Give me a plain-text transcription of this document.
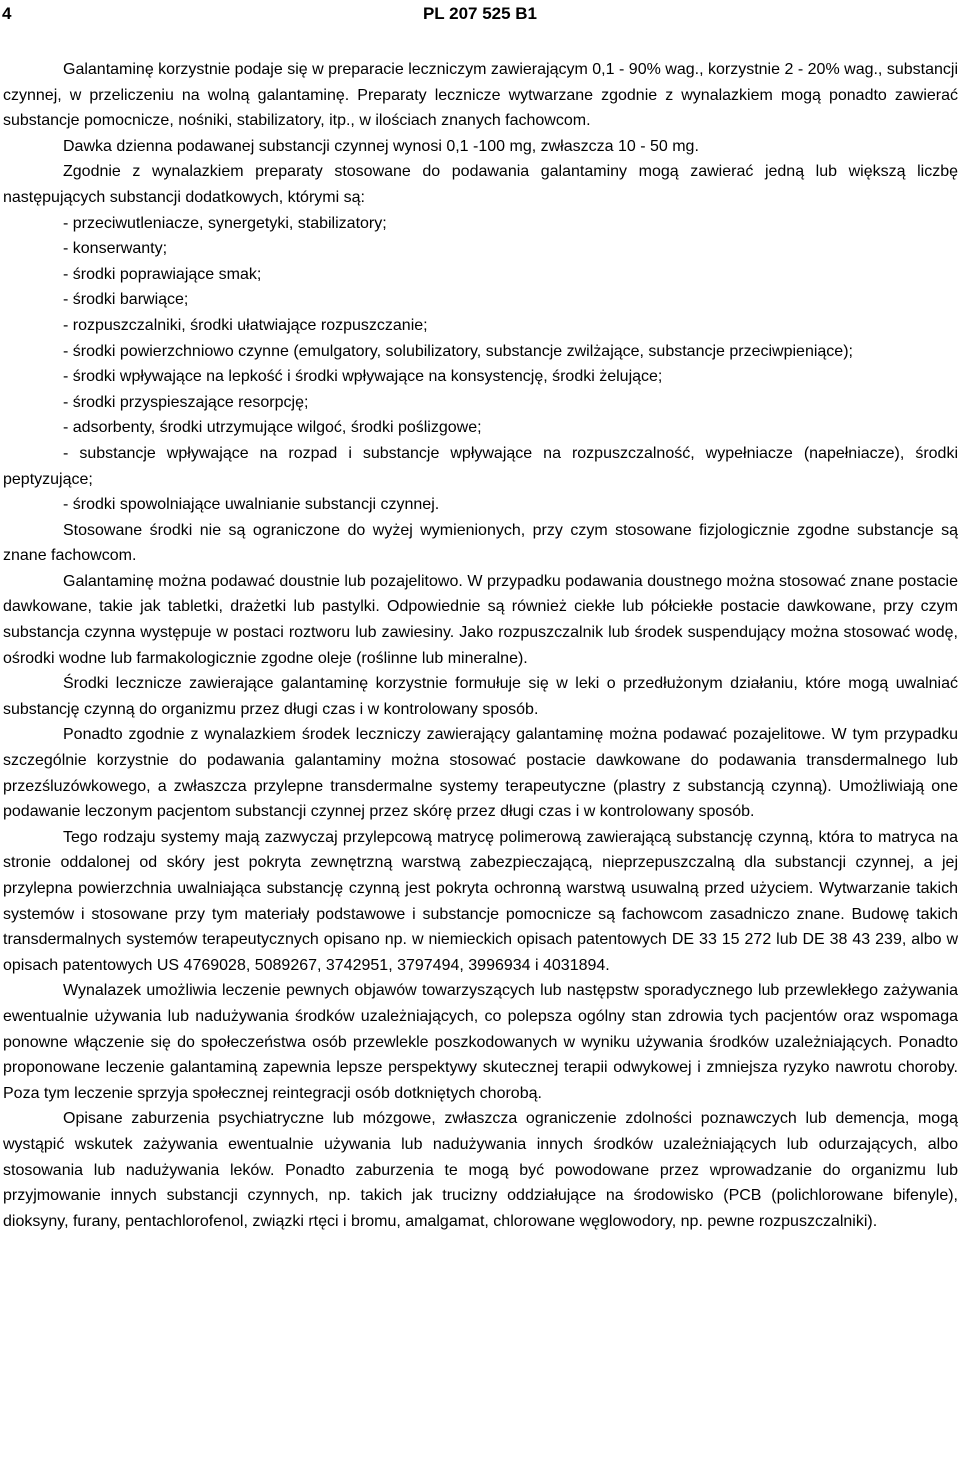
4	PL 207 525 B1

Galantaminę korzystnie podaje się w preparacie leczniczym zawierającym 0,1 - 90% wag., korzystnie 2 - 20% wag., substancji czynnej, w przeliczeniu na wolną galantaminę. Preparaty lecznicze wytwarzane zgodnie z wynalazkiem mogą ponadto zawierać substancje pomocnicze, nośniki, stabilizatory, itp., w ilościach znanych fachowcom.

Dawka dzienna podawanej substancji czynnej wynosi 0,1 -100 mg, zwłaszcza 10 - 50 mg.

Zgodnie z wynalazkiem preparaty stosowane do podawania galantaminy mogą zawierać jedną lub większą liczbę następujących substancji dodatkowych, którymi są:

- przeciwutleniacze, synergetyki, stabilizatory;

- konserwanty;

- środki poprawiające smak;

- środki barwiące;

- rozpuszczalniki, środki ułatwiające rozpuszczanie;

- środki powierzchniowo czynne (emulgatory, solubilizatory, substancje zwilżające, substancje przeciwpieniące);

- środki wpływające na lepkość i środki wpływające na konsystencję, środki żelujące;

- środki przyspieszające resorpcję;

- adsorbenty, środki utrzymujące wilgoć, środki poślizgowe;

- substancje wpływające na rozpad i substancje wpływające na rozpuszczalność, wypełniacze (napełniacze), środki peptyzujące;

- środki spowolniające uwalnianie substancji czynnej.

Stosowane środki nie są ograniczone do wyżej wymienionych, przy czym stosowane fizjologicznie zgodne substancje są znane fachowcom.

Galantaminę można podawać doustnie lub pozajelitowo. W przypadku podawania doustnego można stosować znane postacie dawkowane, takie jak tabletki, drażetki lub pastylki. Odpowiednie są również ciekłe lub półciekłe postacie dawkowane, przy czym substancja czynna występuje w postaci roztworu lub zawiesiny. Jako rozpuszczalnik lub środek suspendujący można stosować wodę, ośrodki wodne lub farmakologicznie zgodne oleje (roślinne lub mineralne).

Środki lecznicze zawierające galantaminę korzystnie formułuje się w leki o przedłużonym działaniu, które mogą uwalniać substancję czynną do organizmu przez długi czas i w kontrolowany sposób.

Ponadto zgodnie z wynalazkiem środek leczniczy zawierający galantaminę można podawać pozajelitowe. W tym przypadku szczególnie korzystnie do podawania galantaminy można stosować postacie dawkowane do podawania transdermalnego lub przezśluzówkowego, a zwłaszcza przylepne transdermalne systemy terapeutyczne (plastry z substancją czynną). Umożliwiają one podawanie leczonym pacjentom substancji czynnej przez skórę przez długi czas i w kontrolowany sposób.

Tego rodzaju systemy mają zazwyczaj przylepcową matrycę polimerową zawierającą substancję czynną, która to matryca na stronie oddalonej od skóry jest pokryta zewnętrzną warstwą zabezpieczającą, nieprzepuszczalną dla substancji czynnej, a jej przylepna powierzchnia uwalniająca substancję czynną jest pokryta ochronną warstwą usuwalną przed użyciem. Wytwarzanie takich systemów i stosowane przy tym materiały podstawowe i substancje pomocnicze są fachowcom zasadniczo znane. Budowę takich transdermalnych systemów terapeutycznych opisano np. w niemieckich opisach patentowych DE 33 15 272 lub DE 38 43 239, albo w opisach patentowych US 4769028, 5089267, 3742951, 3797494, 3996934 i 4031894.

Wynalazek umożliwia leczenie pewnych objawów towarzyszących lub następstw sporadycznego lub przewlekłego zażywania ewentualnie używania lub nadużywania środków uzależniających, co polepsza ogólny stan zdrowia tych pacjentów oraz wspomaga ponowne włączenie się do społeczeństwa osób przewlekle poszkodowanych w wyniku używania środków uzależniających. Ponadto proponowane leczenie galantaminą zapewnia lepsze perspektywy skutecznej terapii odwykowej i zmniejsza ryzyko nawrotu choroby. Poza tym leczenie sprzyja społecznej reintegracji osób dotkniętych chorobą.

Opisane zaburzenia psychiatryczne lub mózgowe, zwłaszcza ograniczenie zdolności poznawczych lub demencja, mogą wystąpić wskutek zażywania ewentualnie używania lub nadużywania innych środków uzależniających lub odurzających, albo stosowania lub nadużywania leków. Ponadto zaburzenia te mogą być powodowane przez wprowadzanie do organizmu lub przyjmowanie innych substancji czynnych, np. takich jak trucizny oddziałujące na środowisko (PCB (polichlorowane bifenyle), dioksyny, furany, pentachlorofenol, związki rtęci i bromu, amalgamat, chlorowane węglowodory, np. pewne rozpuszczalniki).
